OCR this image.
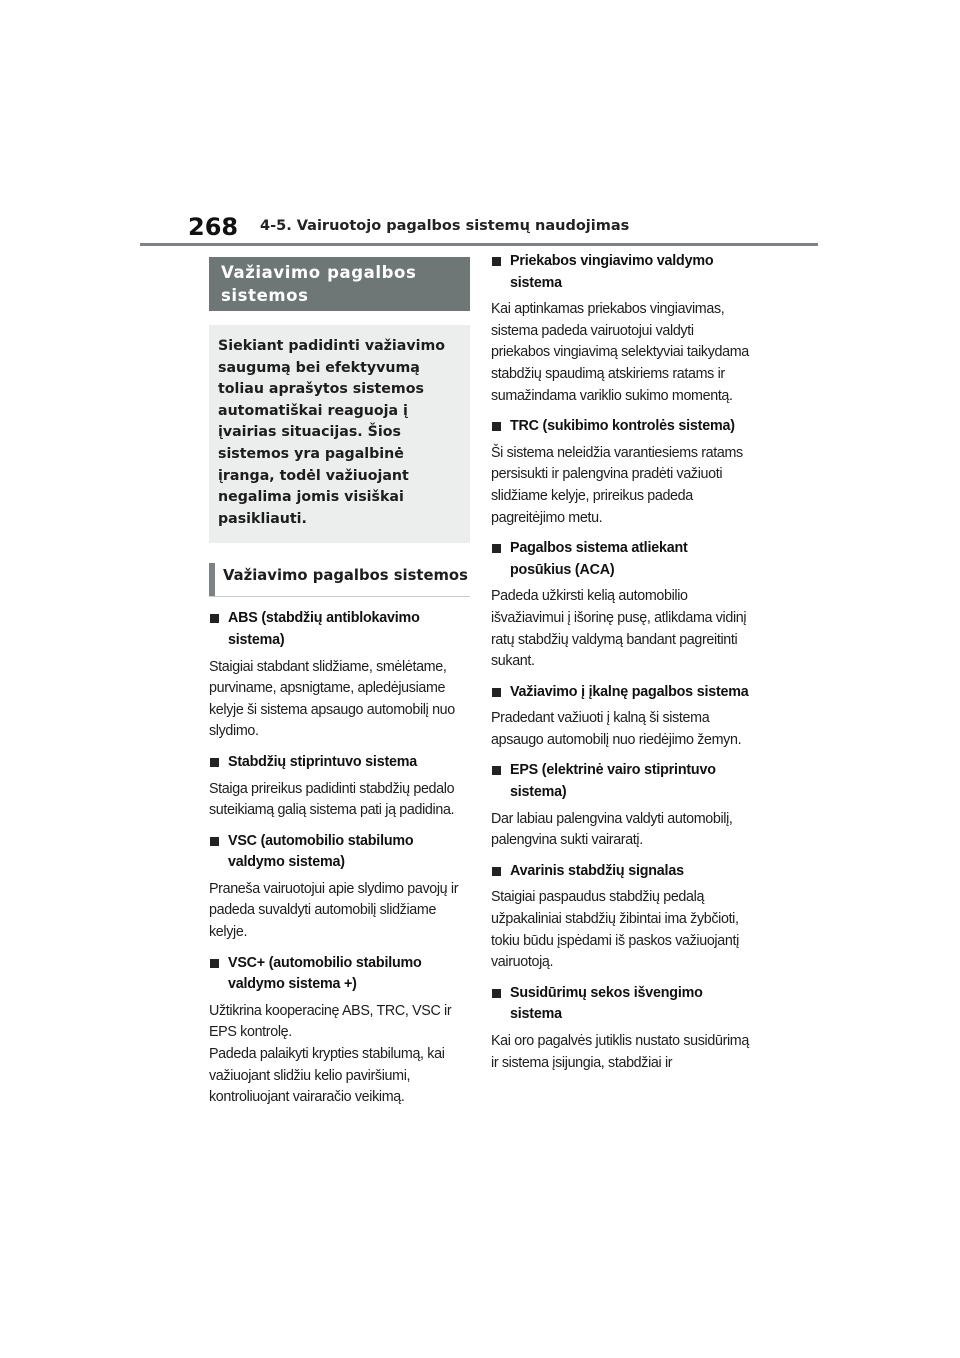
268 4-5. Vairuotojo pagalbos sistemų naudojimas
Važiavimo pagalbos sistemos
Siekiant padidinti važiavimo saugumą bei efektyvumą toliau aprašytos sistemos automatiškai reaguoja į įvairias situacijas. Šios sistemos yra pagalbinė įranga, todėl važiuojant negalima jomis visiškai pasikliauti.
Važiavimo pagalbos sistemos
ABS (stabdžių antiblokavimo sistema)

Staigiai stabdant slidžiame, smėlėtame, purviname, apsnigtame, apledėjusiame kelyje ši sistema apsaugo automobilį nuo slydimo.

Stabdžių stiprintuvo sistema

Staiga prireikus padidinti stabdžių pedalo suteikiamą galią sistema pati ją padidina.

VSC (automobilio stabilumo valdymo sistema)

Praneša vairuotojui apie slydimo pavojų ir padeda suvaldyti automobilį slidžiame kelyje.

VSC+ (automobilio stabilumo valdymo sistema +)

Užtikrina kooperacinę ABS, TRC, VSC ir EPS kontrolę.

Padeda palaikyti krypties stabilumą, kai važiuojant slidžiu kelio paviršiumi, kontroliuojant vairaračio veikimą.

Priekabos vingiavimo valdymo sistema

Kai aptinkamas priekabos vingiavimas, sistema padeda vairuotojui valdyti priekabos vingiavimą selektyviai taikydama stabdžių spaudimą atskiriems ratams ir sumažindama variklio sukimo momentą.

TRC (sukibimo kontrolės sistema)

Ši sistema neleidžia varantiesiems ratams persisukti ir palengvina pradėti važiuoti slidžiame kelyje, prireikus padeda pagreitėjimo metu.

Pagalbos sistema atliekant posūkius (ACA)

Padeda užkirsti kelią automobilio išvažiavimui į išorinę pusę, atlikdama vidinį ratų stabdžių valdymą bandant pagreitinti sukant.

Važiavimo į įkalnę pagalbos sistema

Pradedant važiuoti į kalną ši sistema apsaugo automobilį nuo riedėjimo žemyn.

EPS (elektrinė vairo stiprintuvo sistema)

Dar labiau palengvina valdyti automobilį, palengvina sukti vairaratį.

Avarinis stabdžių signalas

Staigiai paspaudus stabdžių pedalą užpakaliniai stabdžių žibintai ima žybčioti, tokiu būdu įspėdami iš paskos važiuojantį vairuotoją.

Susidūrimų sekos išvengimo sistema

Kai oro pagalvės jutiklis nustato susidūrimą ir sistema įsijungia, stabdžiai ir
